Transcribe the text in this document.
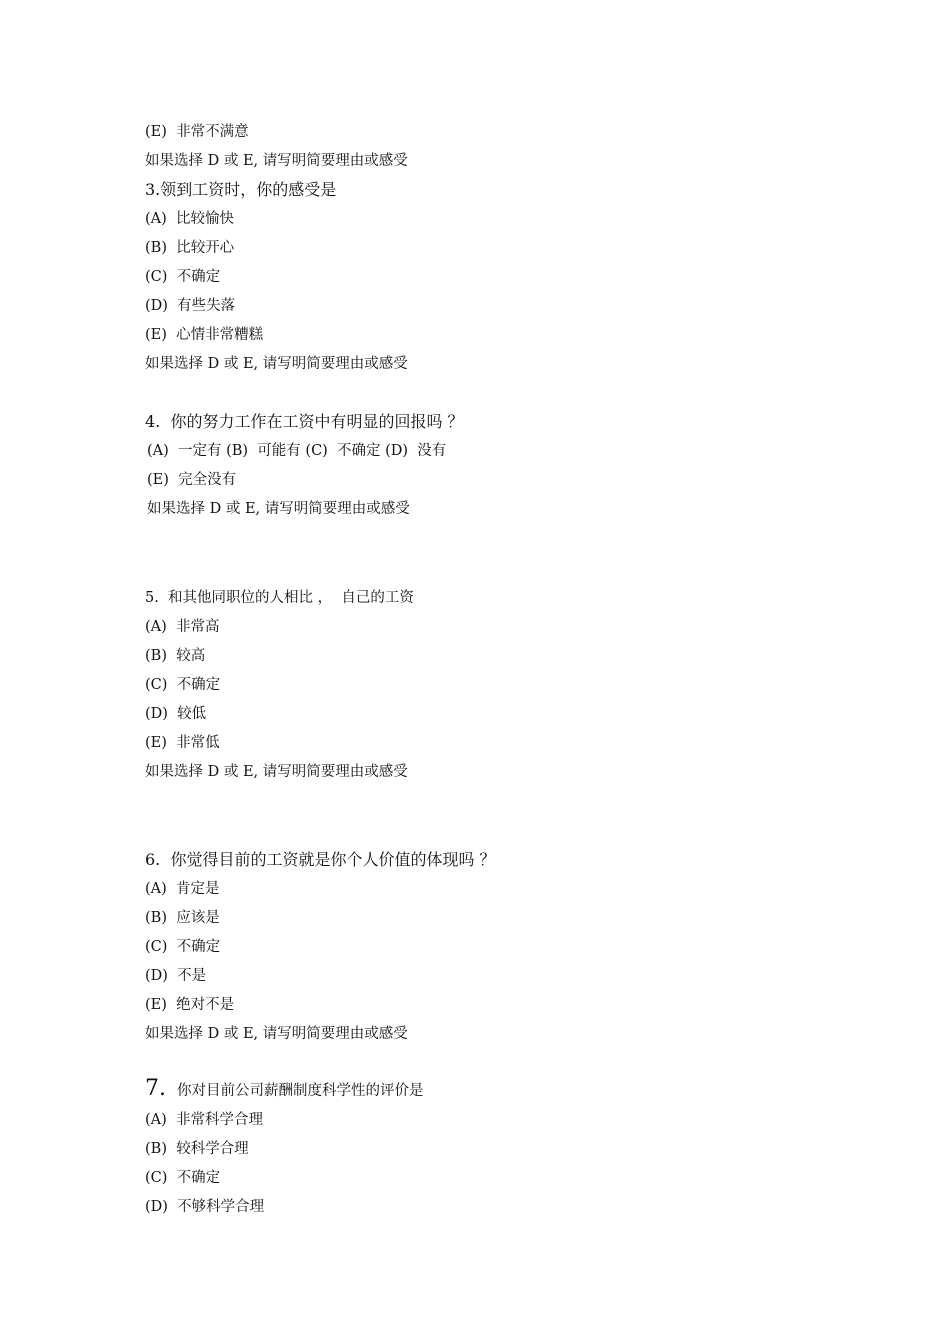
(E)  非常不满意
如果选择 D 或 E, 请写明简要理由或感受
3.领到工资时，你的感受是
(A)  比较愉快
(B)  比较开心
(C)  不确定
(D)  有些失落
(E)  心情非常糟糕
如果选择 D 或 E, 请写明简要理由或感受
4.  你的努力工作在工资中有明显的回报吗 ？
(A)  一定有 (B)  可能有 (C)  不确定 (D)  没有
(E)  完全没有
如果选择 D 或 E, 请写明简要理由或感受
5.  和其他同职位的人相比 ，  自己的工资
(A)  非常高
(B)  较高
(C)  不确定
(D)  较低
(E)  非常低
如果选择 D 或 E, 请写明简要理由或感受
6.  你觉得目前的工资就是你个人价值的体现吗 ？
(A)  肯定是
(B)  应该是
(C)  不确定
(D)  不是
(E)  绝对不是
如果选择 D 或 E, 请写明简要理由或感受
7. 你对目前公司薪酬制度科学性的评价是
(A)  非常科学合理
(B)  较科学合理
(C)  不确定
(D)  不够科学合理
